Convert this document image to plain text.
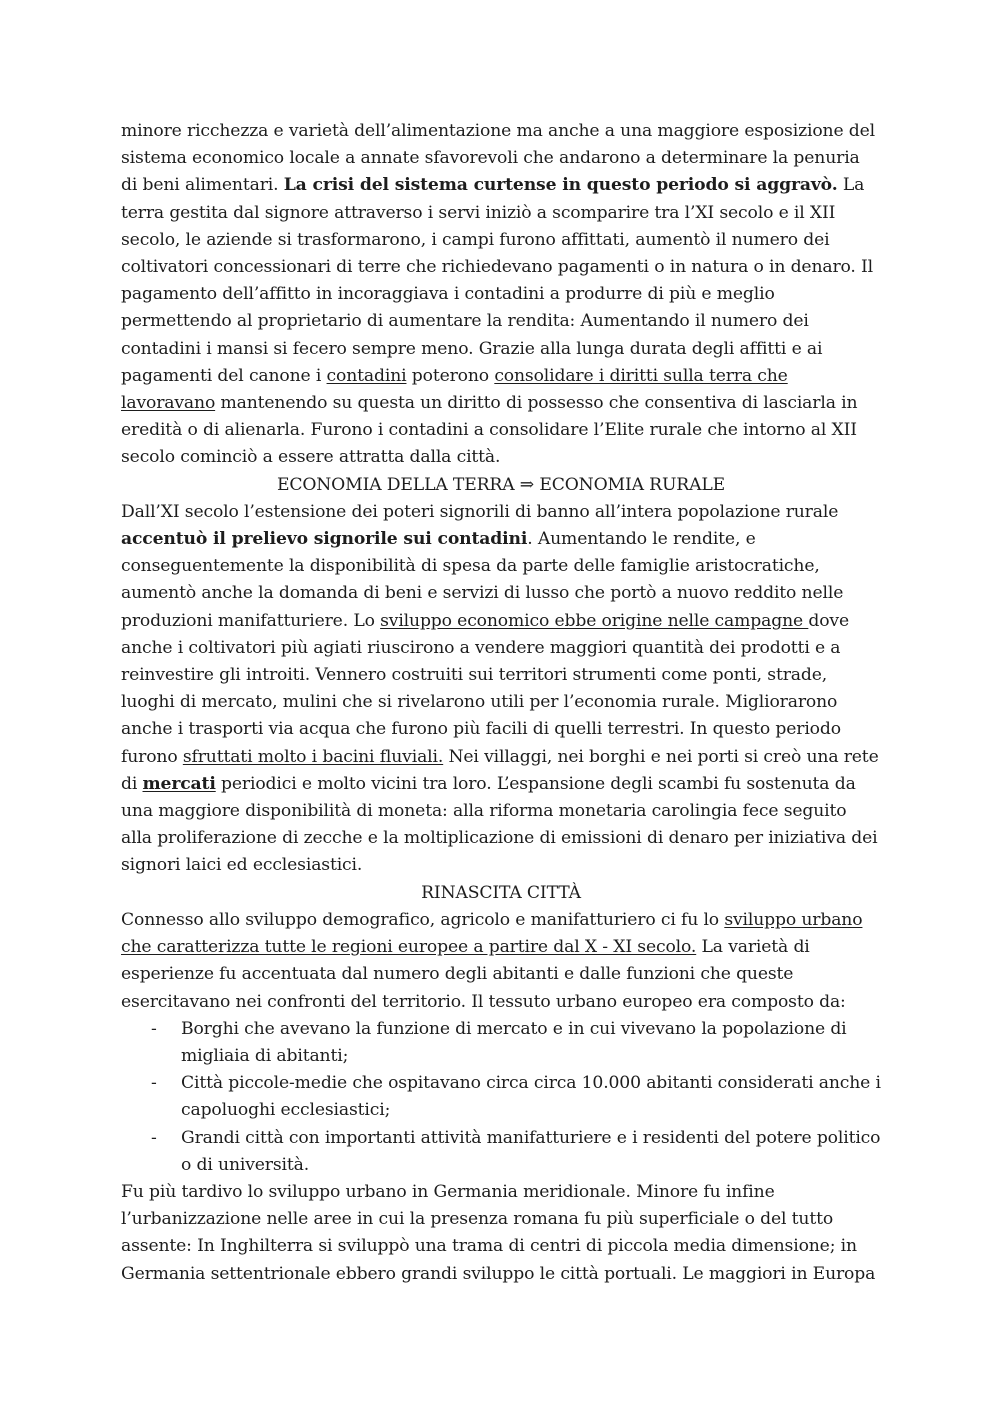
minore ricchezza e varietà dell’alimentazione ma anche a una maggiore esposizione del sistema economico locale a annate sfavorevoli che andarono a determinare la penuria di beni alimentari. La crisi del sistema curtense in questo periodo si aggravò. La terra gestita dal signore attraverso i servi iniziò a scomparire tra l’XI secolo e il XII secolo, le aziende si trasformarono, i campi furono affittati, aumentò il numero dei coltivatori concessionari di terre che richiedevano pagamenti o in natura o in denaro. Il pagamento dell’affitto in incoraggiava i contadini a produrre di più e meglio permettendo al proprietario di aumentare la rendita: Aumentando il numero dei contadini i mansi si fecero sempre meno. Grazie alla lunga durata degli affitti e ai pagamenti del canone i contadini poterono consolidare i diritti sulla terra che lavoravano mantenendo su questa un diritto di possesso che consentiva di lasciarla in eredità o di alienarla. Furono i contadini a consolidare l’Elite rurale che intorno al XII secolo cominciò a essere attratta dalla città.

ECONOMIA DELLA TERRA ⇒ ECONOMIA RURALE

Dall’XI secolo l’estensione dei poteri signorili di banno all’intera popolazione rurale accentuò il prelievo signorile sui contadini. Aumentando le rendite, e conseguentemente la disponibilità di spesa da parte delle famiglie aristocratiche, aumentò anche la domanda di beni e servizi di lusso che portò a nuovo reddito nelle produzioni manifatturiere. Lo sviluppo economico ebbe origine nelle campagne dove anche i coltivatori più agiati riuscirono a vendere maggiori quantità dei prodotti e a reinvestire gli introiti. Vennero costruiti sui territori strumenti come ponti, strade, luoghi di mercato, mulini che si rivelarono utili per l’economia rurale. Migliorarono anche i trasporti via acqua che furono più facili di quelli terrestri. In questo periodo furono sfruttati molto i bacini fluviali. Nei villaggi, nei borghi e nei porti si creò una rete di mercati periodici e molto vicini tra loro. L’espansione degli scambi fu sostenuta da una maggiore disponibilità di moneta: alla riforma monetaria carolingia fece seguito alla proliferazione di zecche e la moltiplicazione di emissioni di denaro per iniziativa dei signori laici ed ecclesiastici.

RINASCITA CITTÀ

Connesso allo sviluppo demografico, agricolo e manifatturiero ci fu lo sviluppo urbano che caratterizza tutte le regioni europee a partire dal X - XI secolo. La varietà di esperienze fu accentuata dal numero degli abitanti e dalle funzioni che queste esercitavano nei confronti del territorio. Il tessuto urbano europeo era composto da:

- Borghi che avevano la funzione di mercato e in cui vivevano la popolazione di migliaia di abitanti;
- Città piccole-medie che ospitavano circa circa 10.000 abitanti considerati anche i capoluoghi ecclesiastici;
- Grandi città con importanti attività manifatturiere e i residenti del potere politico o di università.

Fu più tardivo lo sviluppo urbano in Germania meridionale. Minore fu infine l’urbanizzazione nelle aree in cui la presenza romana fu più superficiale o del tutto assente: In Inghilterra si sviluppò una trama di centri di piccola media dimensione; in Germania settentrionale ebbero grandi sviluppo le città portuali. Le maggiori in Europa
